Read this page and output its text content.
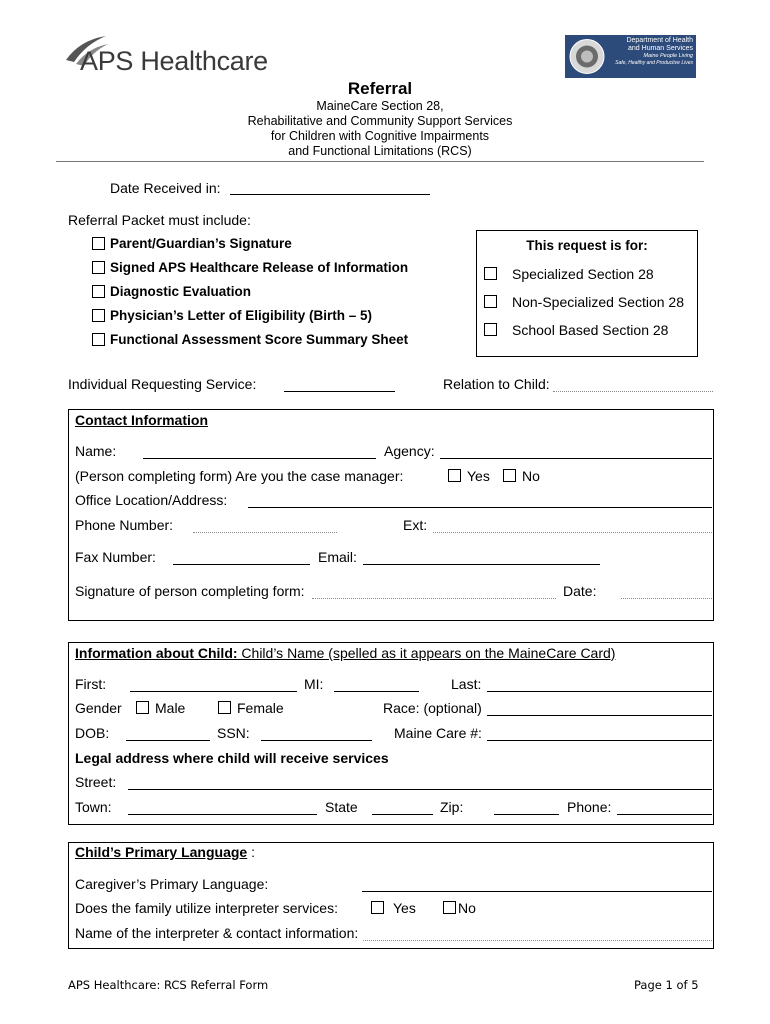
APS Healthcare
Department of Health
and Human Services
Maine People Living
Safe, Healthy and Productive Lives
Referral
MaineCare Section 28,
Rehabilitative and Community Support Services
for Children with Cognitive Impairments
and Functional Limitations (RCS)
Date Received in:
Referral Packet must include:
Parent/Guardian’s Signature
Signed APS Healthcare Release of Information
Diagnostic Evaluation
Physician’s Letter of Eligibility (Birth – 5)
Functional Assessment Score Summary Sheet
This request is for:
Specialized Section 28
Non-Specialized Section 28
School Based Section 28
Individual Requesting Service:	Relation to Child:
Contact Information
Name:	Agency:
(Person completing form) Are you the case manager:	Yes No
Office Location/Address:
Phone Number:	Ext:
Fax Number:	Email:
Signature of person completing form:	Date:
Information about Child: Child’s Name (spelled as it appears on the MaineCare Card)
First:	MI:	Last:
Gender Male	Female	Race: (optional)
DOB:	SSN:	Maine Care #:
Legal address where child will receive services
Street:
Town:	State	Zip:	Phone:
Child’s Primary Language :
Caregiver’s Primary Language:
Does the family utilize interpreter services:	Yes	No
Name of the interpreter & contact information:
APS Healthcare: RCS Referral Form	Page 1 of 5
